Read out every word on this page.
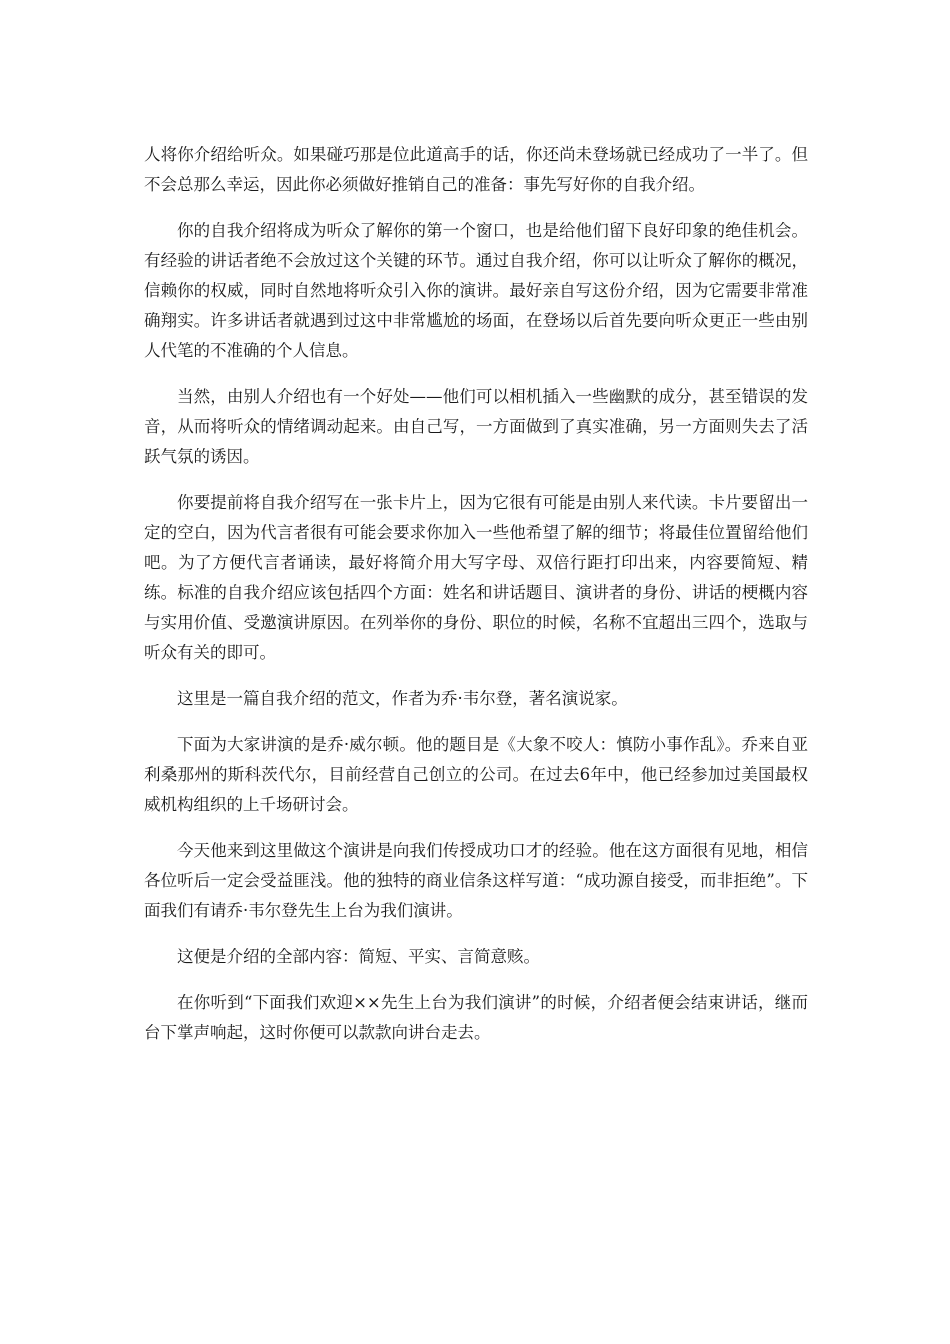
人将你介绍给听众。如果碰巧那是位此道高手的话，你还尚未登场就已经成功了一半了。但不会总那么幸运，因此你必须做好推销自己的准备：事先写好你的自我介绍。

你的自我介绍将成为听众了解你的第一个窗口，也是给他们留下良好印象的绝佳机会。有经验的讲话者绝不会放过这个关键的环节。通过自我介绍，你可以让听众了解你的概况，信赖你的权威，同时自然地将听众引入你的演讲。最好亲自写这份介绍，因为它需要非常准确翔实。许多讲话者就遇到过这中非常尴尬的场面，在登场以后首先要向听众更正一些由别人代笔的不准确的个人信息。

当然，由别人介绍也有一个好处——他们可以相机插入一些幽默的成分，甚至错误的发音，从而将听众的情绪调动起来。由自己写，一方面做到了真实准确，另一方面则失去了活跃气氛的诱因。

你要提前将自我介绍写在一张卡片上，因为它很有可能是由别人来代读。卡片要留出一定的空白，因为代言者很有可能会要求你加入一些他希望了解的细节；将最佳位置留给他们吧。为了方便代言者诵读，最好将简介用大写字母、双倍行距打印出来，内容要简短、精练。标准的自我介绍应该包括四个方面：姓名和讲话题目、演讲者的身份、讲话的梗概内容与实用价值、受邀演讲原因。在列举你的身份、职位的时候，名称不宜超出三四个，选取与听众有关的即可。

这里是一篇自我介绍的范文，作者为乔·韦尔登，著名演说家。

下面为大家讲演的是乔·威尔顿。他的题目是《大象不咬人：慎防小事作乱》。乔来自亚利桑那州的斯科茨代尔，目前经营自己创立的公司。在过去6年中，他已经参加过美国最权威机构组织的上千场研讨会。

今天他来到这里做这个演讲是向我们传授成功口才的经验。他在这方面很有见地，相信各位听后一定会受益匪浅。他的独特的商业信条这样写道：“成功源自接受，而非拒绝”。下面我们有请乔·韦尔登先生上台为我们演讲。

这便是介绍的全部内容：简短、平实、言简意赅。

在你听到“下面我们欢迎××先生上台为我们演讲”的时候，介绍者便会结束讲话，继而台下掌声响起，这时你便可以款款向讲台走去。
